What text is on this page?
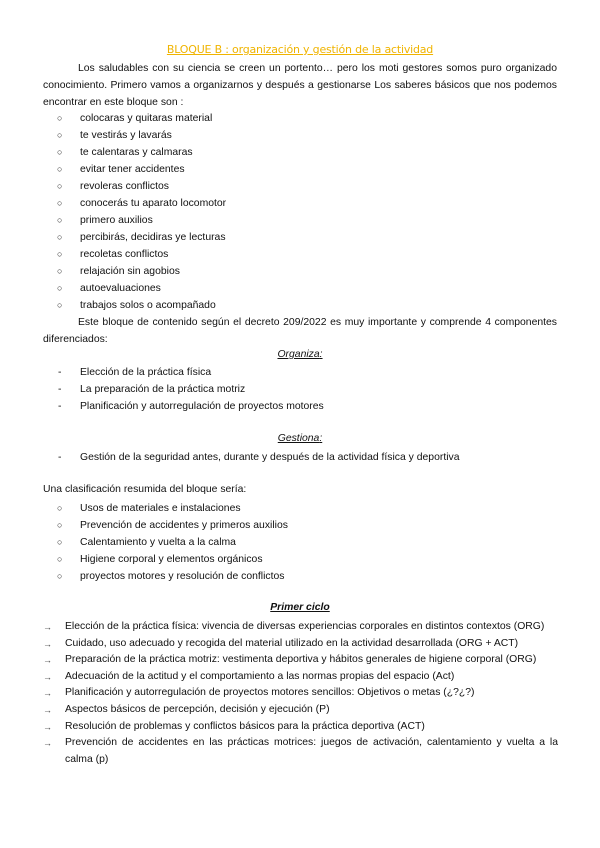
BLOQUE B : organización y gestión de la actividad

Los saludables con su ciencia se creen un portento… pero los moti gestores somos puro organizado conocimiento. Primero vamos a organizarnos y después a gestionarse Los saberes básicos que nos podemos encontrar en este bloque son :

○ colocaras y quitaras material
○ te vestirás y lavarás
○ te calentaras y calmaras
○ evitar tener accidentes
○ revoleras conflictos
○ conocerás tu aparato locomotor
○ primero auxilios
○ percibirás, decidiras ye lecturas
○ recoletas conflictos
○ relajación sin agobios
○ autoevaluaciones
○ trabajos solos o acompañado

Este bloque de contenido según el decreto 209/2022 es muy importante y comprende 4 componentes diferenciados:

Organiza:
- Elección de la práctica física
- La preparación de la práctica motriz
- Planificación y autorregulación de proyectos motores
Gestiona:
- Gestión de la seguridad antes, durante y después de la actividad física y deportiva
Una clasificación resumida del bloque sería:
○ Usos de materiales e instalaciones
○ Prevención de accidentes y primeros auxilios
○ Calentamiento y vuelta a la calma
○ Higiene corporal y elementos orgánicos
○ proyectos motores y resolución de conflictos
Primer ciclo
→ Elección de la práctica física: vivencia de diversas experiencias corporales en distintos contextos (ORG)
→ Cuidado, uso adecuado y recogida del material utilizado en la actividad desarrollada (ORG + ACT)
→ Preparación de la práctica motriz: vestimenta deportiva y hábitos generales de higiene corporal (ORG)
→ Adecuación de la actitud y el comportamiento a las normas propias del espacio (Act)
→ Planificación y autorregulación de proyectos motores sencillos: Objetivos o metas (¿?¿?)
→ Aspectos básicos de percepción, decisión y ejecución (P)
→ Resolución de problemas y conflictos básicos para la práctica deportiva (ACT)
→ Prevención de accidentes en las prácticas motrices: juegos de activación, calentamiento y vuelta a la calma (p)
